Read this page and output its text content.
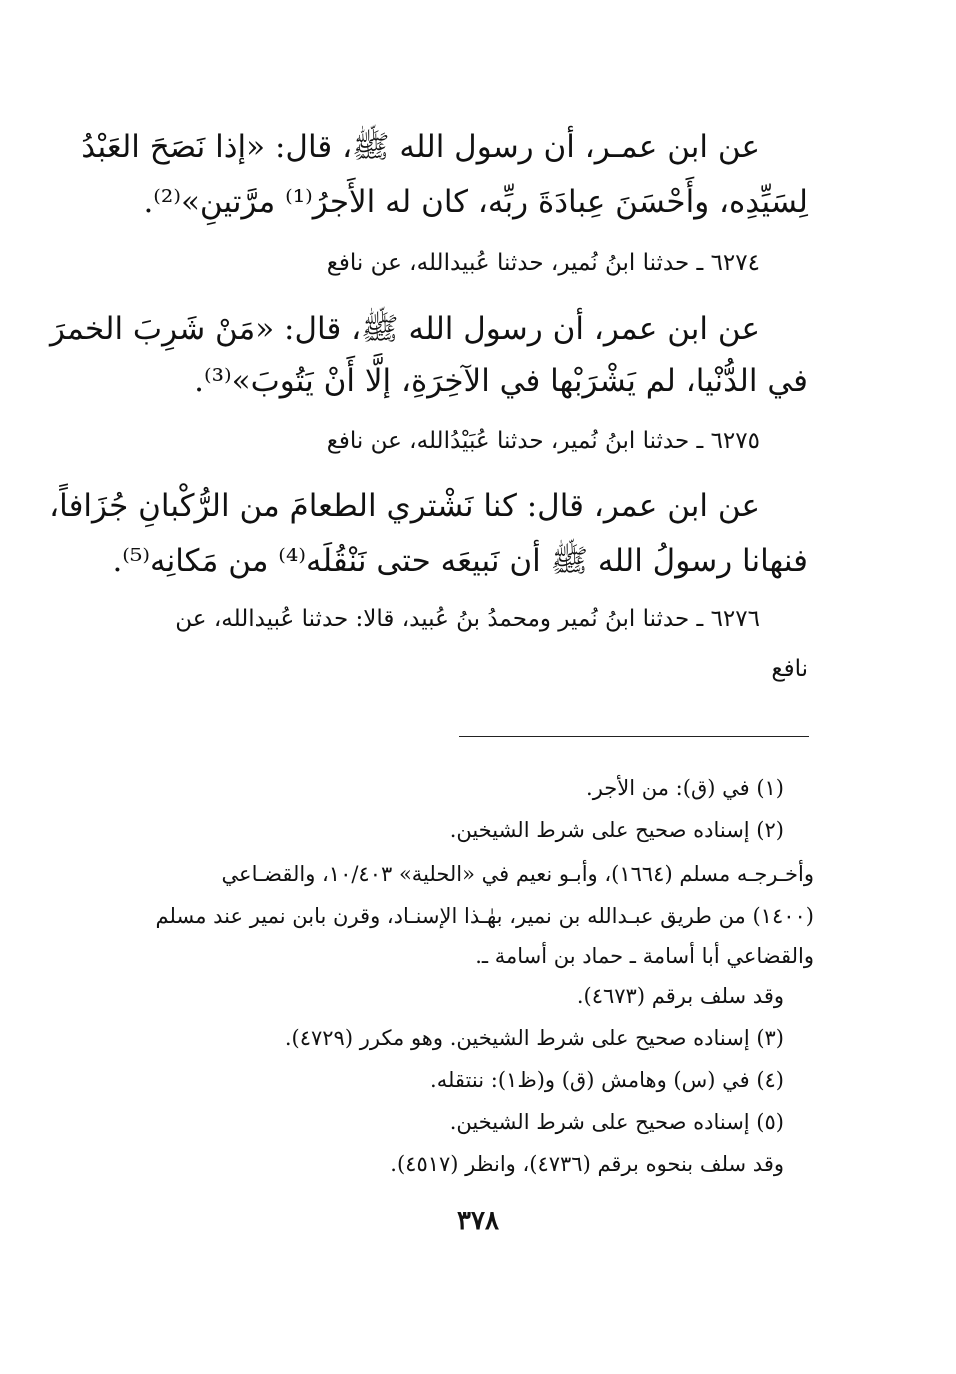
عن ابن عمـر، أن رسول الله ﷺ، قال: «إذا نَصَحَ العَبْدُ
لِسَيِّدِه، وأَحْسَنَ عِبادَةَ ربِّه، كان له الأَجرُ⁽¹⁾ مرَّتينِ»⁽²⁾.
٦٢٧٤ ـ حدثنا ابنُ نُمير، حدثنا عُبيدالله، عن نافع
عن ابن عمر، أن رسول الله ﷺ، قال: «مَنْ شَرِبَ الخمرَ
في الدُّنْيا، لم يَشْرَبْها في الآخِرَةِ، إلَّا أَنْ يَتُوبَ»⁽³⁾.
٦٢٧٥ ـ حدثنا ابنُ نُمير، حدثنا عُبَيْدُالله، عن نافع
عن ابن عمر، قال: كنا نَشْتري الطعامَ من الرُّكْبانِ جُزَافاً،
فنهانا رسولُ الله ﷺ أن نَبيعَه حتى نَنْقُلَه⁽⁴⁾ من مَكانِه⁽⁵⁾.
٦٢٧٦ ـ حدثنا ابنُ نُمير ومحمدُ بنُ عُبيد، قالا: حدثنا عُبيدالله، عن
نافع
(١) في (ق): من الأجر.
(٢) إسناده صحيح على شرط الشيخين.
وأخـرجـه مسلم (١٦٦٤)، وأبـو نعيم في «الحلية» ١٠/٤٠٣، والقضـاعي
(١٤٠٠) من طريق عبـدالله بن نمير، بهٰـذا الإسنـاد، وقرن بابن نمير عند مسلم
والقضاعي أبا أسامة ـ حماد بن أسامة ـ.
وقد سلف برقم (٤٦٧٣).
(٣) إسناده صحيح على شرط الشيخين. وهو مكرر (٤٧٢٩).
(٤) في (س) وهامش (ق) و(ظ١): ننتقله.
(٥) إسناده صحيح على شرط الشيخين.
وقد سلف بنحوه برقم (٤٧٣٦)، وانظر (٤٥١٧).
٣٧٨
